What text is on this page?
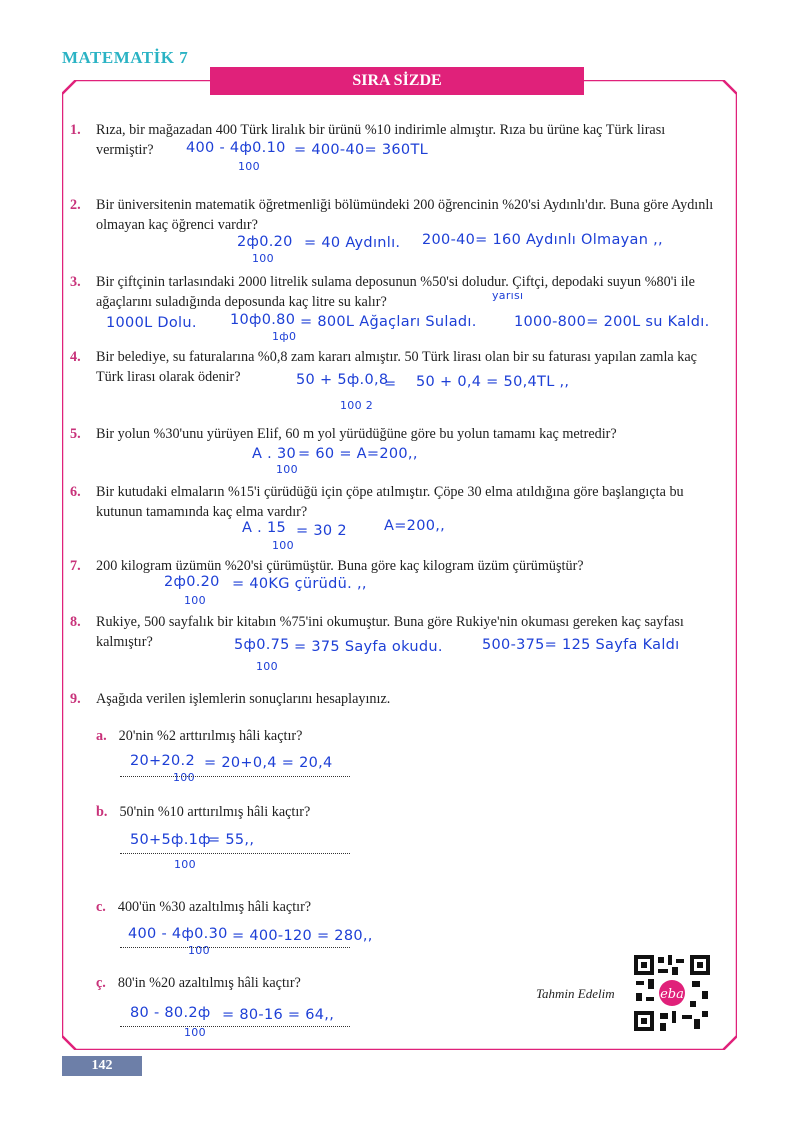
MATEMATİK 7
SIRA SİZDE
1. Rıza, bir mağazadan 400 Türk liralık bir ürünü %10 indirimle almıştır. Rıza bu ürüne kaç Türk lirası vermiştir?	400 - 4ф0.10
100
= 400-40= 360TL
2. Bir üniversitenin matematik öğretmenliği bölümündeki 200 öğrencinin %20'si Aydınlı'dır. Buna göre Aydınlı olmayan kaç öğrenci vardır?
2ф0.20
100
= 40 Aydınlı. 200-40= 160 Aydınlı Olmayan ,,
3. Bir çiftçinin tarlasındaki 2000 litrelik sulama deposunun %50'si doludur. Çiftçi, depodaki suyun %80'i ile ağaçlarını suladığında deposunda kaç litre su kalır?	yarısı
1000L Dolu. 10ф0.80
1ф0
= 800L Ağaçları Suladı.	1000-800= 200L su Kaldı.
4. Bir belediye, su faturalarına %0,8 zam kararı almıştır. 50 Türk lirası olan bir su faturası yapılan zamla kaç Türk lirası olarak ödenir?	50 + 5ф.0,8
100 2
= 50 + 0,4 = 50,4TL ,,
5. Bir yolun %30'unu yürüyen Elif, 60 m yol yürüdüğüne göre bu yolun tamamı kaç metredir?
A . 30
100
= 60 = A=200,,
6. Bir kutudaki elmaların %15'i çürüdüğü için çöpe atılmıştır. Çöpe 30 elma atıldığına göre başlangıçta bu kutunun tamamında kaç elma vardır?
A . 15
100
= 30 2	A=200,,
7. 200 kilogram üzümün %20'si çürümüştür. Buna göre kaç kilogram üzüm çürümüştür?
2ф0.20
100
= 40KG çürüdü. ,,
8. Rukiye, 500 sayfalık bir kitabın %75'ini okumuştur. Buna göre Rukiye'nin okuması gereken kaç sayfası kalmıştır?	5ф0.75
100
= 375 Sayfa okudu.	500-375= 125 Sayfa Kaldı
9. Aşağıda verilen işlemlerin sonuçlarını hesaplayınız.
a. 20'nin %2 arttırılmış hâli kaçtır?
20+20.2
100
= 20+0,4 = 20,4
b. 50'nin %10 arttırılmış hâli kaçtır?
50+5ф.1ф
100
= 55,,
c. 400'ün %30 azaltılmış hâli kaçtır?
400 - 4ф0.30
100
= 400-120 = 280,,
ç. 80'in %20 azaltılmış hâli kaçtır?
80 - 80.2ф
100
= 80-16 = 64,,
Tahmin Edelim	eba
142
